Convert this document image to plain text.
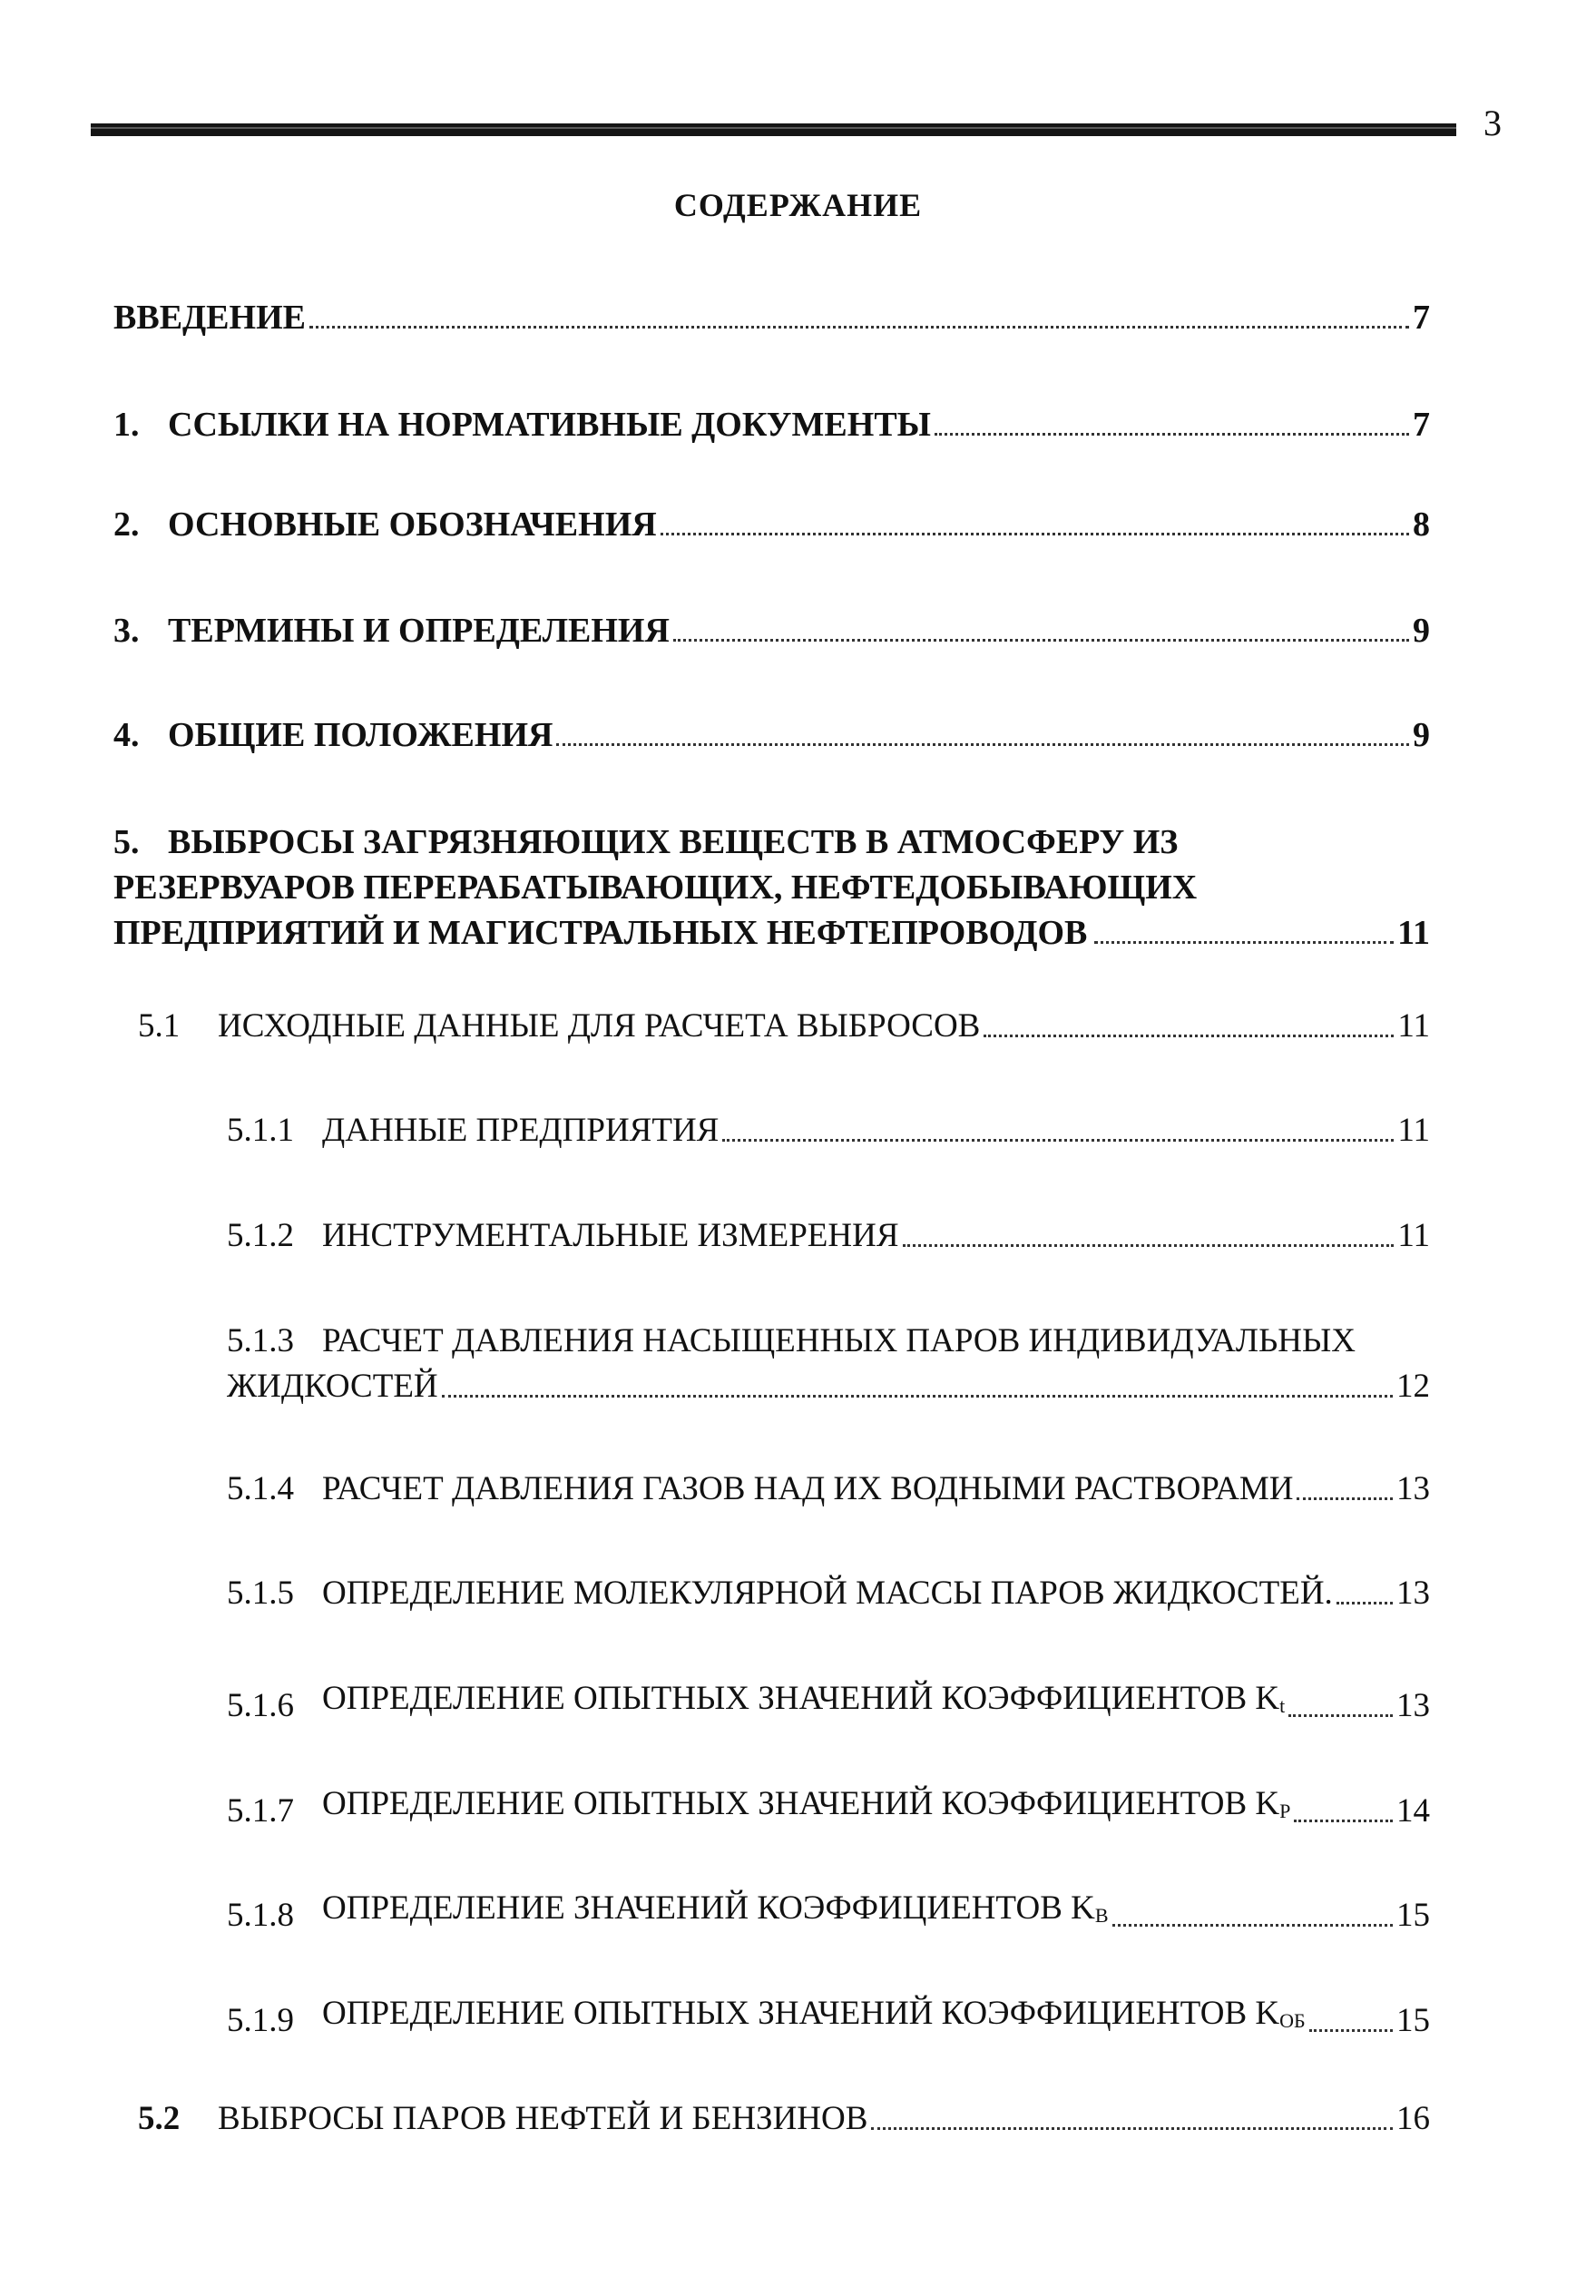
3
СОДЕРЖАНИЕ
ВВЕДЕНИЕ	7
1. ССЫЛКИ НА НОРМАТИВНЫЕ ДОКУМЕНТЫ	7
2. ОСНОВНЫЕ ОБОЗНАЧЕНИЯ	8
3. ТЕРМИНЫ И ОПРЕДЕЛЕНИЯ	9
4. ОБЩИЕ ПОЛОЖЕНИЯ	9
5. ВЫБРОСЫ ЗАГРЯЗНЯЮЩИХ ВЕЩЕСТВ В АТМОСФЕРУ ИЗ
РЕЗЕРВУАРОВ ПЕРЕРАБАТЫВАЮЩИХ, НЕФТЕДОБЫВАЮЩИХ
ПРЕДПРИЯТИЙ И МАГИСТРАЛЬНЫХ НЕФТЕПРОВОДОВ	11
5.1	ИСХОДНЫЕ ДАННЫЕ ДЛЯ РАСЧЕТА ВЫБРОСОВ	11
5.1.1 ДАННЫЕ ПРЕДПРИЯТИЯ	11
5.1.2 ИНСТРУМЕНТАЛЬНЫЕ ИЗМЕРЕНИЯ	11
5.1.3 РАСЧЕТ ДАВЛЕНИЯ НАСЫЩЕННЫХ ПАРОВ ИНДИВИДУАЛЬНЫХ
ЖИДКОСТЕЙ	12
5.1.4 РАСЧЕТ ДАВЛЕНИЯ ГАЗОВ НАД ИХ ВОДНЫМИ РАСТВОРАМИ	13
5.1.5 ОПРЕДЕЛЕНИЕ МОЛЕКУЛЯРНОЙ МАССЫ ПАРОВ ЖИДКОСТЕЙ. 13
5.1.6 ОПРЕДЕЛЕНИЕ ОПЫТНЫХ ЗНАЧЕНИЙ КОЭФФИЦИЕНТОВ $K_t$	13
5.1.7 ОПРЕДЕЛЕНИЕ ОПЫТНЫХ ЗНАЧЕНИЙ КОЭФФИЦИЕНТОВ $K_P$	14
5.1.8 ОПРЕДЕЛЕНИЕ ЗНАЧЕНИЙ КОЭФФИЦИЕНТОВ $K_B$	15
5.1.9 ОПРЕДЕЛЕНИЕ ОПЫТНЫХ ЗНАЧЕНИЙ КОЭФФИЦИЕНТОВ $K_{ОБ}$	15
5.2	ВЫБРОСЫ ПАРОВ НЕФТЕЙ И БЕНЗИНОВ	16
